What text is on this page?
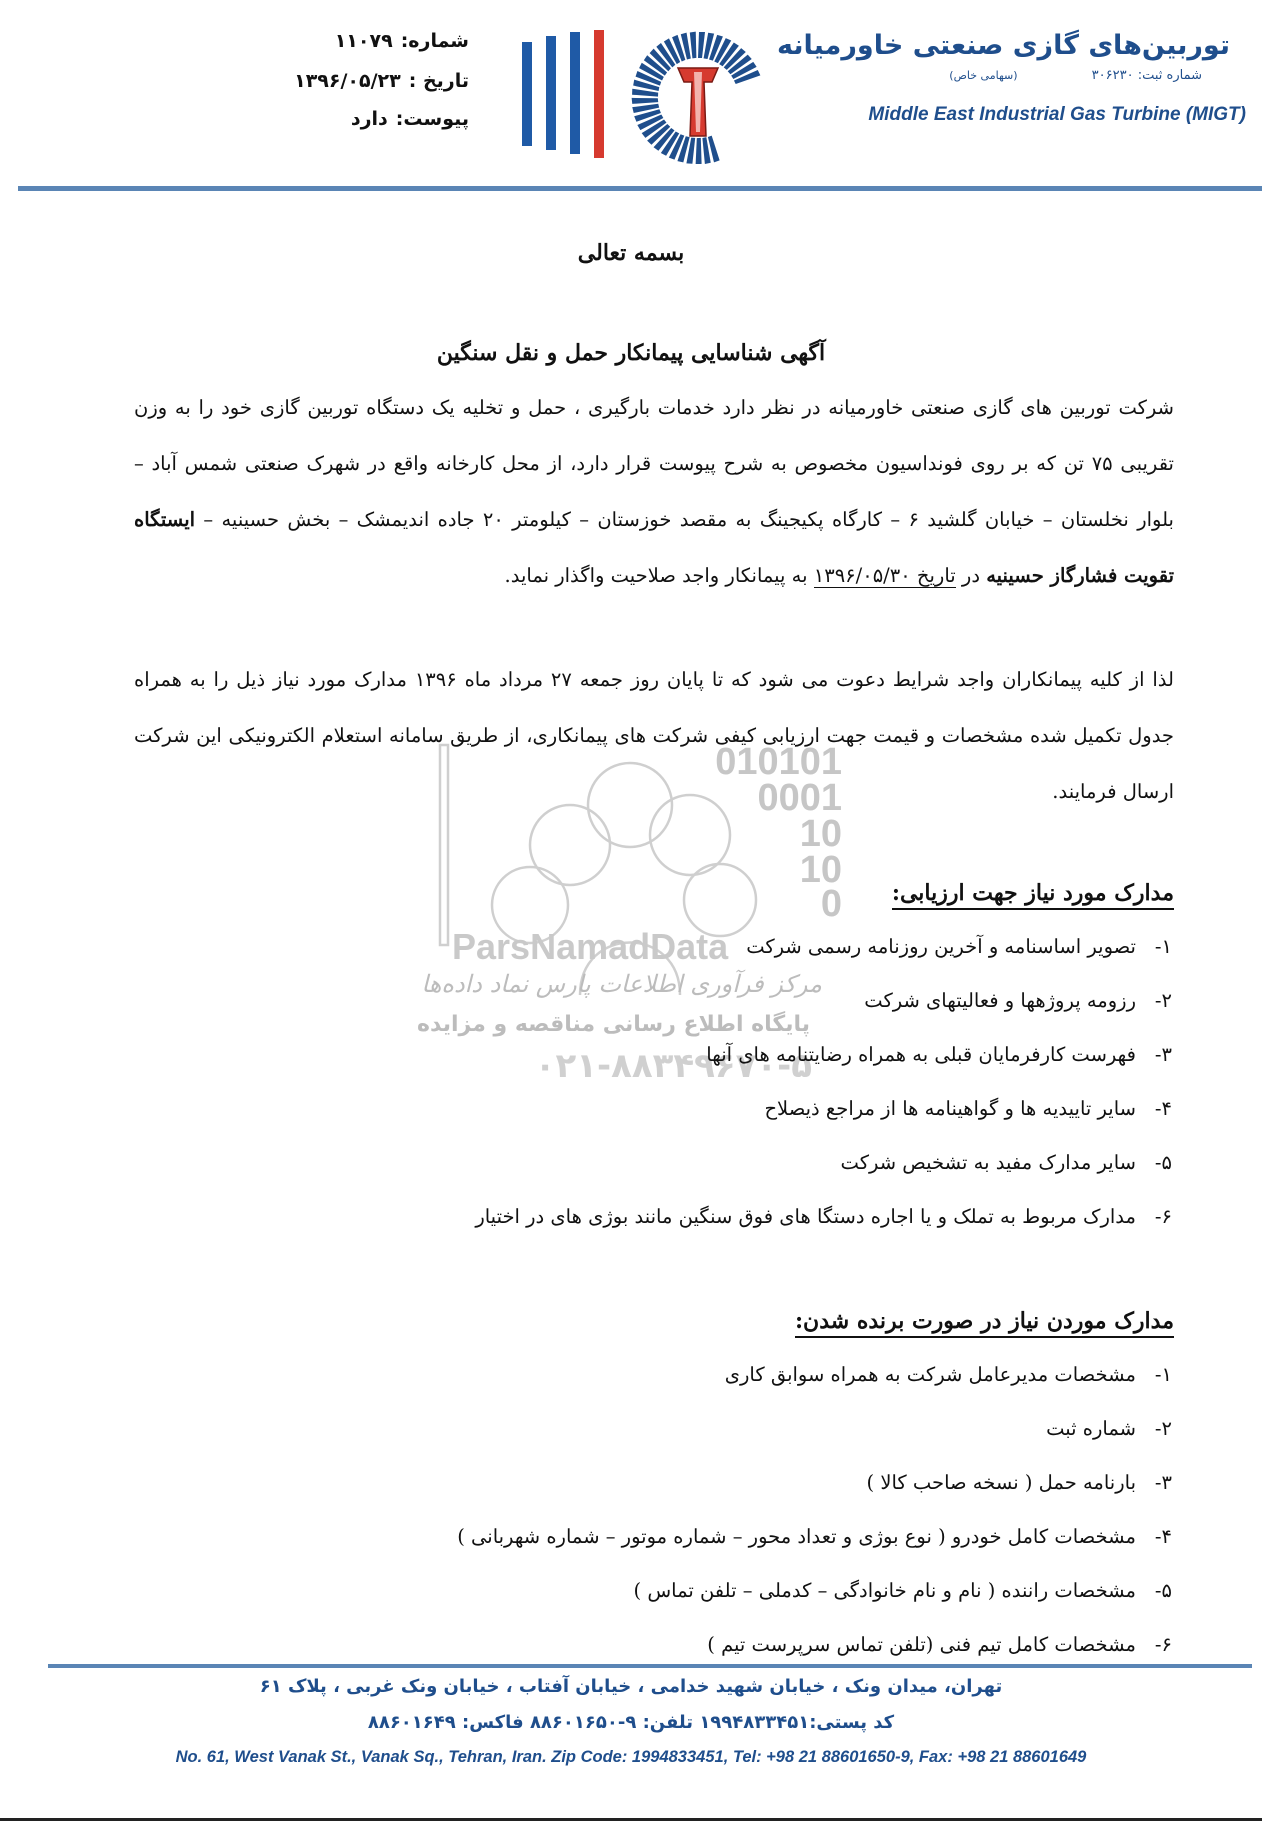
توربین‌های گازی صنعتی خاورمیانه
شماره ثبت: ۳۰۶۲۳۰ (سهامی خاص)
Middle East Industrial Gas Turbine (MIGT)
شماره:۱۱۰۷۹
تاریخ :۱۳۹۶/۰۵/۲۳
پیوست:دارد
010101
0001
10
10
0
ParsNamadData
مرکز فرآوری اطلاعات پارس نماد داده‌ها
پایگاه اطلاع رسانی مناقصه و مزایده
۰۲۱-۸۸۳۴۹۶۷۰-۵
بسمه تعالی
آگهی شناسایی پیمانکار حمل و نقل سنگین
شرکت توربین های گازی صنعتی خاورمیانه در نظر دارد خدمات بارگیری ، حمل و تخلیه یک دستگاه توربین گازی خود را به وزن تقریبی ۷۵ تن که بر روی فونداسیون مخصوص به شرح پیوست قرار دارد، از محل کارخانه واقع در شهرک صنعتی شمس آباد – بلوار نخلستان – خیابان گلشید ۶ – کارگاه پکیجینگ به مقصد خوزستان – کیلومتر ۲۰ جاده اندیمشک – بخش حسینیه – ایستگاه تقویت فشارگاز حسینیه در تاریخ ۱۳۹۶/۰۵/۳۰ به پیمانکار واجد صلاحیت واگذار نماید.
لذا از کلیه پیمانکاران واجد شرایط دعوت می شود که تا پایان روز جمعه ۲۷ مرداد ماه ۱۳۹۶ مدارک مورد نیاز ذیل را به همراه جدول تکمیل شده مشخصات و قیمت جهت ارزیابی کیفی شرکت های پیمانکاری، از طریق سامانه استعلام الکترونیکی این شرکت ارسال فرمایند.
مدارک مورد نیاز جهت ارزیابی:
۱-تصویر اساسنامه و آخرین روزنامه رسمی شرکت
۲-رزومه پروژهها و فعالیتهای شرکت
۳-فهرست کارفرمایان قبلی به همراه رضایتنامه های آنها
۴-سایر تاییدیه ها و گواهینامه ها از مراجع ذیصلاح
۵-سایر مدارک مفید به تشخیص شرکت
۶-مدارک مربوط به تملک و یا اجاره دستگا های فوق سنگین مانند بوژی های در اختیار
مدارک موردن نیاز در صورت برنده شدن:
۱-مشخصات مدیرعامل شرکت به همراه سوابق کاری
۲-شماره ثبت
۳-بارنامه حمل ( نسخه صاحب کالا )
۴-مشخصات کامل خودرو ( نوع بوژی و تعداد محور – شماره موتور – شماره شهربانی )
۵-مشخصات راننده ( نام و نام خانوادگی – کدملی – تلفن تماس )
۶-مشخصات کامل تیم فنی (تلفن تماس سرپرست تیم )
تهران، میدان ونک ، خیابان شهید خدامی ، خیابان آفتاب ، خیابان ونک غربی ، پلاک ۶۱
کد پستی:۱۹۹۴۸۳۳۴۵۱ تلفن: ۹-۸۸۶۰۱۶۵۰ فاکس: ۸۸۶۰۱۶۴۹
No. 61, West Vanak St., Vanak Sq., Tehran, Iran. Zip Code: 1994833451, Tel: +98 21 88601650-9, Fax: +98 21 88601649
